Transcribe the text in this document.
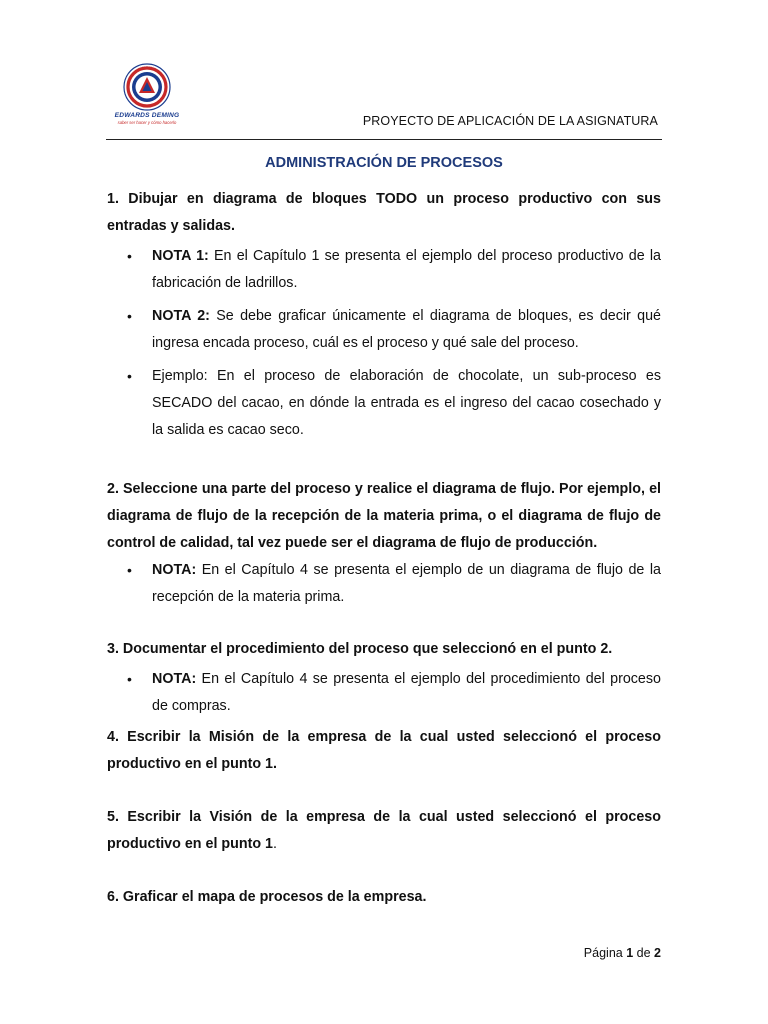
· · · · · · · · · ·
EDWARDS DEMING
saber ser hacer y cómo hacerlo	PROYECTO DE APLICACIÓN DE LA ASIGNATURA
ADMINISTRACIÓN DE PROCESOS

1. Dibujar en diagrama de bloques TODO un proceso productivo con sus entradas y salidas.

• NOTA 1: En el Capítulo 1 se presenta el ejemplo del proceso productivo de la fabricación de ladrillos.
• NOTA 2: Se debe graficar únicamente el diagrama de bloques, es decir qué ingresa encada proceso, cuál es el proceso y qué sale del proceso.
• Ejemplo: En el proceso de elaboración de chocolate, un sub-proceso es SECADO del cacao, en dónde la entrada es el ingreso del cacao cosechado y la salida es cacao seco.

2. Seleccione una parte del proceso y realice el diagrama de flujo. Por ejemplo, el diagrama de flujo de la recepción de la materia prima, o el diagrama de flujo de control de calidad, tal vez puede ser el diagrama de flujo de producción.

• NOTA: En el Capítulo 4 se presenta el ejemplo de un diagrama de flujo de la recepción de la materia prima.

3. Documentar el procedimiento del proceso que seleccionó en el punto 2.

• NOTA: En el Capítulo 4 se presenta el ejemplo del procedimiento del proceso de compras.

4. Escribir la Misión de la empresa de la cual usted seleccionó el proceso productivo en el punto 1.

5. Escribir la Visión de la empresa de la cual usted seleccionó el proceso productivo en el punto 1.

6. Graficar el mapa de procesos de la empresa.

Página 1 de 2
